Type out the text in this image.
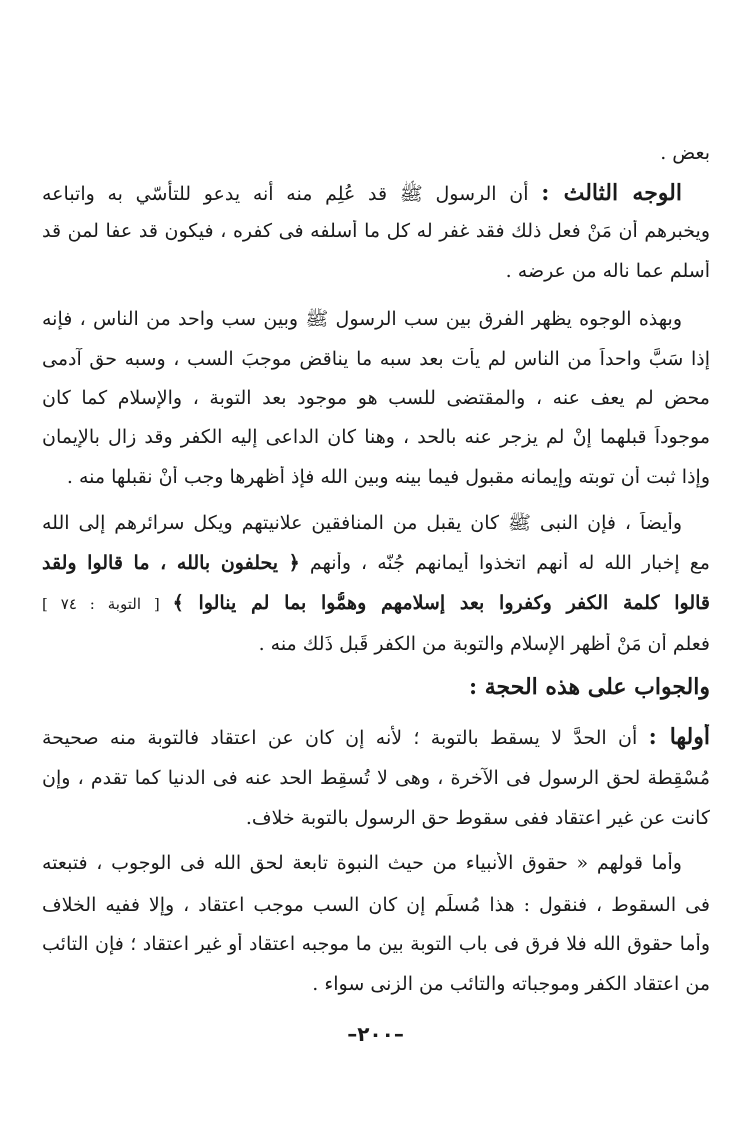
بعض .
الوجه الثالث : أن الرسول ﷺ قد عُلِم منه أنه يدعو للتأسّي به واتباعه
ويخبرهم أن مَنْ فعل ذلك فقد غفر له كل ما أسلفه فى كفره ، فيكون قد عفا لمن قد
أسلم عما ناله من عرضه .
وبهذه الوجوه يظهر الفرق بين سب الرسول ﷺ وبين سب واحد من الناس ، فإنه
إذا سَبَّ واحداً من الناس لم يأت بعد سبه ما يناقض موجبَ السب ، وسبه حق آدمى
محض لم يعف عنه ، والمقتضى للسب هو موجود بعد التوبة ، والإسلام كما كان
موجوداً قبلهما إنْ لم يزجر عنه بالحد ، وهنا كان الداعى إليه الكفر وقد زال بالإيمان
وإذا ثبت أن توبته وإيمانه مقبول فيما بينه وبين الله فإذ أظهرها وجب أنْ نقبلها منه .
وأيضاً ، فإن النبى ﷺ كان يقبل من المنافقين علانيتهم ويكل سرائرهم إلى الله
مع إخبار الله له أنهم اتخذوا أيمانهم جُنّه ، وأنهم ﴿ يحلفون بالله ، ما قالوا ولقد
قالوا كلمة الكفر وكفروا بعد إسلامهم وهمُّوا بما لم ينالوا ﴾ [ التوبة : ٧٤ ]
فعلم أن مَنْ أظهر الإسلام والتوبة من الكفر قَبل ذَلك منه .
والجواب على هذه الحجة :
أولها : أن الحدَّ لا يسقط بالتوبة ؛ لأنه إن كان عن اعتقاد فالتوبة منه صحيحة
مُسْقِطة لحق الرسول فى الآخرة ، وهى لا تُسقِط الحد عنه فى الدنيا كما تقدم ، وإن
كانت عن غير اعتقاد ففى سقوط حق الرسول بالتوبة خلاف.
وأما قولهم « حقوق الأنبياء من حيث النبوة تابعة لحق الله فى الوجوب ، فتبعته
فى السقوط ، فنقول : هذا مُسلَم إن كان السب موجب اعتقاد ، وإلا ففيه الخلاف
وأما حقوق الله فلا فرق فى باب التوبة بين ما موجبه اعتقاد أو غير اعتقاد ؛ فإن التائب
من اعتقاد الكفر وموجباته والتائب من الزنى سواء .
–٢٠٠–
